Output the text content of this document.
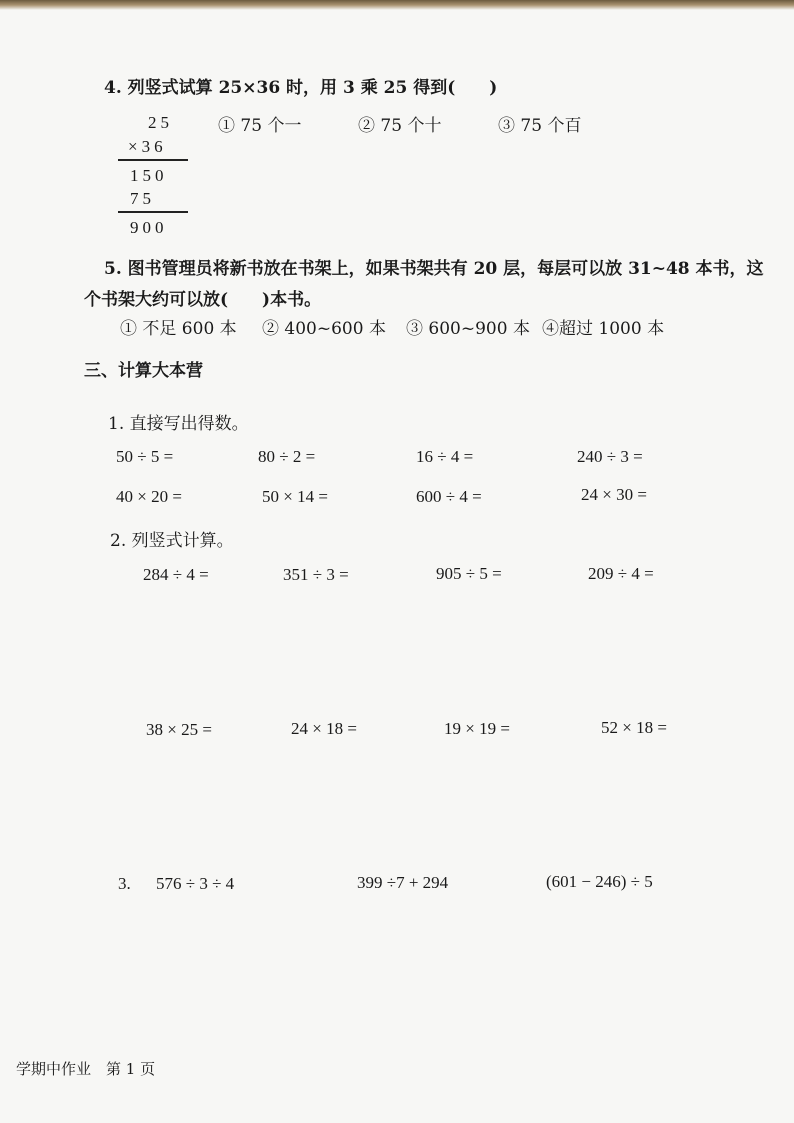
4. 列竖式试算 25×36 时，用 3 乘 25 得到(　　)
25
×36
150
75
900
① 75 个一	② 75 个十	③ 75 个百
5. 图书管理员将新书放在书架上，如果书架共有 20 层，每层可以放 31~48 本书，这
个书架大约可以放(　　)本书。
① 不足 600 本 ② 400~600 本 ③ 600~900 本 ④超过 1000 本
三、计算大本营
1. 直接写出得数。
50 ÷ 5 =	80 ÷ 2 =	16 ÷ 4 =	240 ÷ 3 =
40 × 20 =	50 × 14 =	600 ÷ 4 =	24 × 30 =
2. 列竖式计算。
284 ÷ 4 =	351 ÷ 3 =	905 ÷ 5 =	209 ÷ 4 =
38 × 25 =	24 × 18 =	19 × 19 =	52 × 18 =
3. 576 ÷ 3 ÷ 4	399 ÷7 + 294	(601 − 246) ÷ 5
学期中作业　第 1 页
